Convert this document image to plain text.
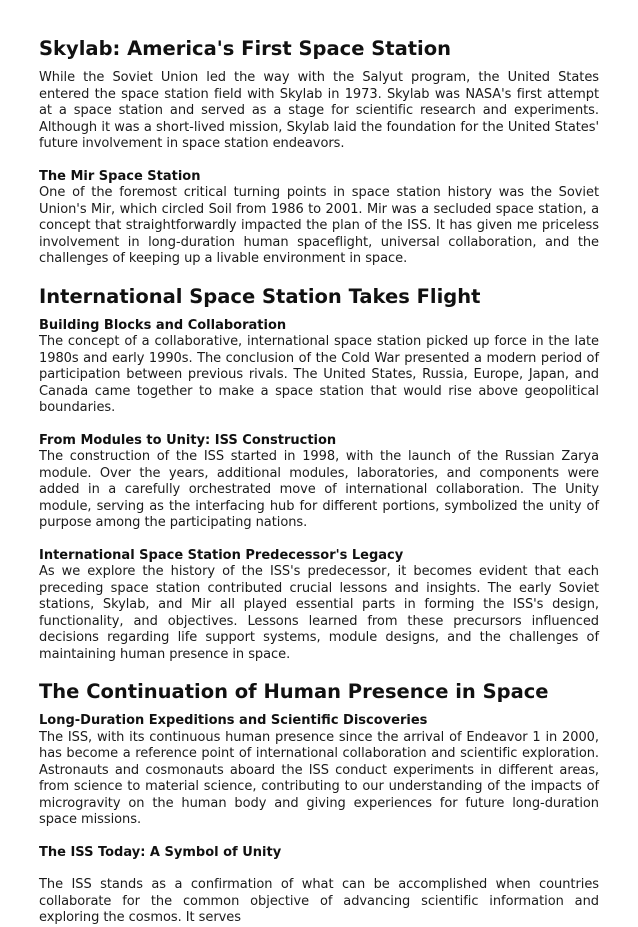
Skylab: America's First Space Station

While the Soviet Union led the way with the Salyut program, the United States entered the space station field with Skylab in 1973. Skylab was NASA's first attempt at a space station and served as a stage for scientific research and experiments. Although it was a short-lived mission, Skylab laid the foundation for the United States' future involvement in space station endeavors.

The Mir Space Station

One of the foremost critical turning points in space station history was the Soviet Union's Mir, which circled Soil from 1986 to 2001. Mir was a secluded space station, a concept that straightforwardly impacted the plan of the ISS. It has given me priceless involvement in long-duration human spaceflight, universal collaboration, and the challenges of keeping up a livable environment in space.

International Space Station Takes Flight
Building Blocks and Collaboration

The concept of a collaborative, international space station picked up force in the late 1980s and early 1990s. The conclusion of the Cold War presented a modern period of participation between previous rivals. The United States, Russia, Europe, Japan, and Canada came together to make a space station that would rise above geopolitical boundaries.

From Modules to Unity: ISS Construction

The construction of the ISS started in 1998, with the launch of the Russian Zarya module. Over the years, additional modules, laboratories, and components were added in a carefully orchestrated move of international collaboration. The Unity module, serving as the interfacing hub for different portions, symbolized the unity of purpose among the participating nations.

International Space Station Predecessor's Legacy

As we explore the history of the ISS's predecessor, it becomes evident that each preceding space station contributed crucial lessons and insights. The early Soviet stations, Skylab, and Mir all played essential parts in forming the ISS's design, functionality, and objectives. Lessons learned from these precursors influenced decisions regarding life support systems, module designs, and the challenges of maintaining human presence in space.

The Continuation of Human Presence in Space
Long-Duration Expeditions and Scientific Discoveries

The ISS, with its continuous human presence since the arrival of Endeavor 1 in 2000, has become a reference point of international collaboration and scientific exploration. Astronauts and cosmonauts aboard the ISS conduct experiments in different areas, from science to material science, contributing to our understanding of the impacts of microgravity on the human body and giving experiences for future long-duration space missions.

The ISS Today: A Symbol of Unity

The ISS stands as a confirmation of what can be accomplished when countries collaborate for the common objective of advancing scientific information and exploring the cosmos. It serves
